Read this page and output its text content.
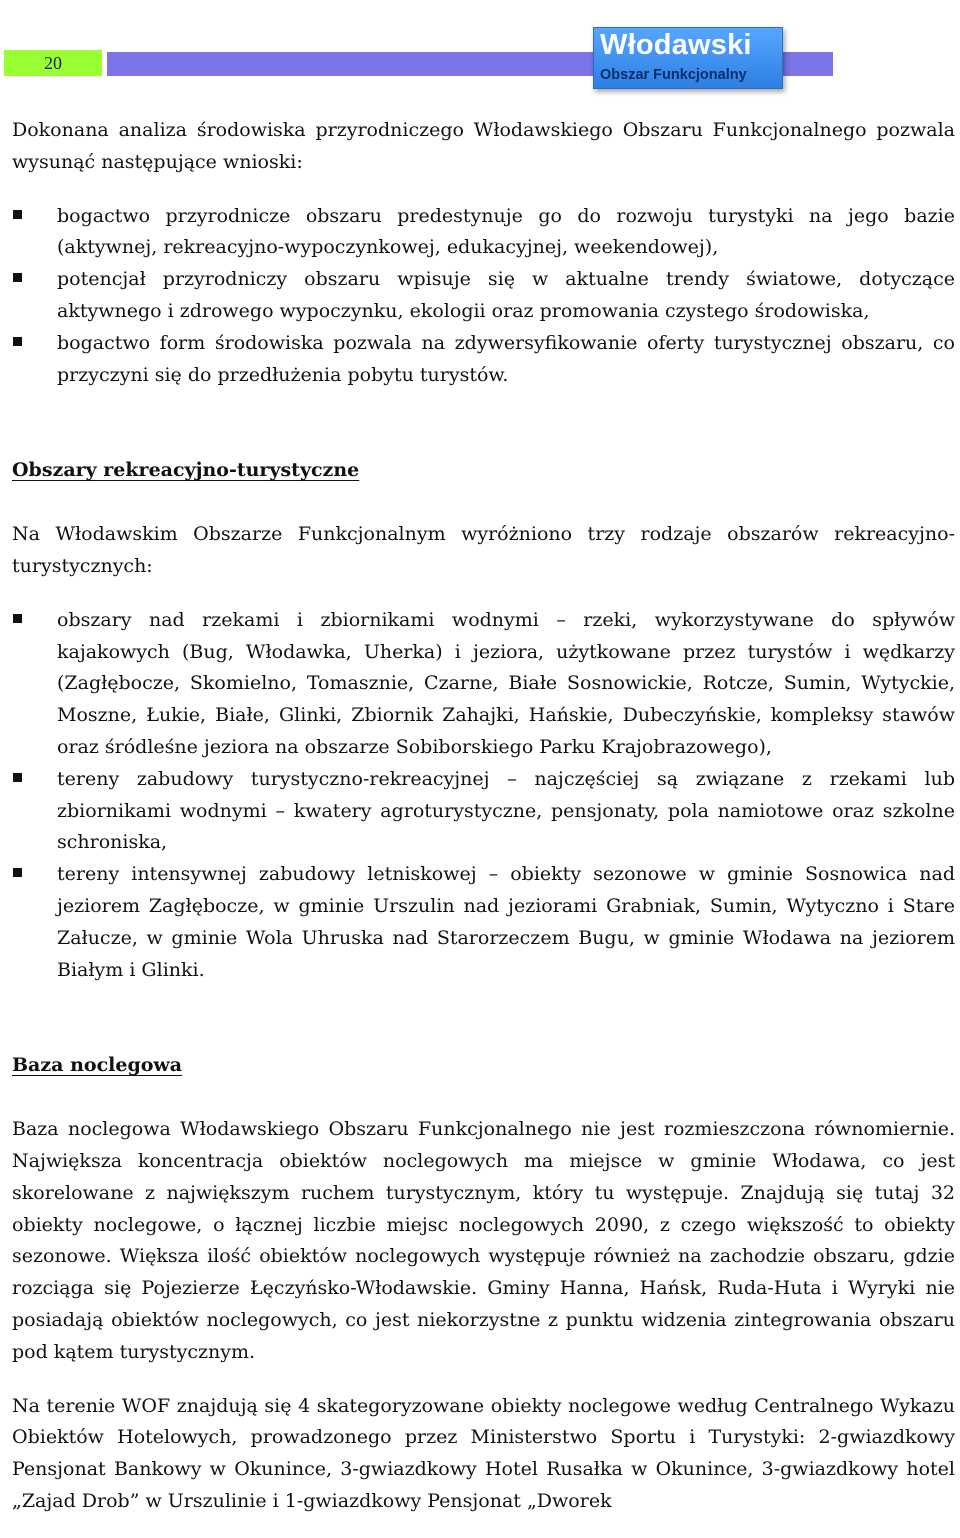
20
Włodawski
Obszar Funkcjonalny

Dokonana analiza środowiska przyrodniczego Włodawskiego Obszaru Funkcjonalnego pozwala wysunąć następujące wnioski:

bogactwo przyrodnicze obszaru predestynuje go do rozwoju turystyki na jego bazie (aktywnej, rekreacyjno-wypoczynkowej, edukacyjnej, weekendowej),
potencjał przyrodniczy obszaru wpisuje się w aktualne trendy światowe, dotyczące aktywnego i zdrowego wypoczynku, ekologii oraz promowania czystego środowiska,
bogactwo form środowiska pozwala na zdywersyfikowanie oferty turystycznej obszaru, co przyczyni się do przedłużenia pobytu turystów.

Obszary rekreacyjno-turystyczne

Na Włodawskim Obszarze Funkcjonalnym wyróżniono trzy rodzaje obszarów rekreacyjno-turystycznych:

obszary nad rzekami i zbiornikami wodnymi – rzeki, wykorzystywane do spływów kajakowych (Bug, Włodawka, Uherka) i jeziora, użytkowane przez turystów i wędkarzy (Zagłębocze, Skomielno, Tomasznie, Czarne, Białe Sosnowickie, Rotcze, Sumin, Wytyckie, Moszne, Łukie, Białe, Glinki, Zbiornik Zahajki, Hańskie, Dubeczyńskie, kompleksy stawów oraz śródleśne jeziora na obszarze Sobiborskiego Parku Krajobrazowego),
tereny zabudowy turystyczno-rekreacyjnej – najczęściej są związane z rzekami lub zbiornikami wodnymi – kwatery agroturystyczne, pensjonaty, pola namiotowe oraz szkolne schroniska,
tereny intensywnej zabudowy letniskowej – obiekty sezonowe w gminie Sosnowica nad jeziorem Zagłębocze, w gminie Urszulin nad jeziorami Grabniak, Sumin, Wytyczno i Stare Załucze, w gminie Wola Uhruska nad Starorzeczem Bugu, w gminie Włodawa na jeziorem Białym i Glinki.

Baza noclegowa

Baza noclegowa Włodawskiego Obszaru Funkcjonalnego nie jest rozmieszczona równomiernie. Największa koncentracja obiektów noclegowych ma miejsce w gminie Włodawa, co jest skorelowane z największym ruchem turystycznym, który tu występuje. Znajdują się tutaj 32 obiekty noclegowe, o łącznej liczbie miejsc noclegowych 2090, z czego większość to obiekty sezonowe. Większa ilość obiektów noclegowych występuje również na zachodzie obszaru, gdzie rozciąga się Pojezierze Łęczyńsko-Włodawskie. Gminy Hanna, Hańsk, Ruda-Huta i Wyryki nie posiadają obiektów noclegowych, co jest niekorzystne z punktu widzenia zintegrowania obszaru pod kątem turystycznym.

Na terenie WOF znajdują się 4 skategoryzowane obiekty noclegowe według Centralnego Wykazu Obiektów Hotelowych, prowadzonego przez Ministerstwo Sportu i Turystyki: 2-gwiazdkowy Pensjonat Bankowy w Okunince, 3-gwiazdkowy Hotel Rusałka w Okunince, 3-gwiazdkowy hotel „Zajad Drob” w Urszulinie i 1-gwiazdkowy Pensjonat „Dworek
